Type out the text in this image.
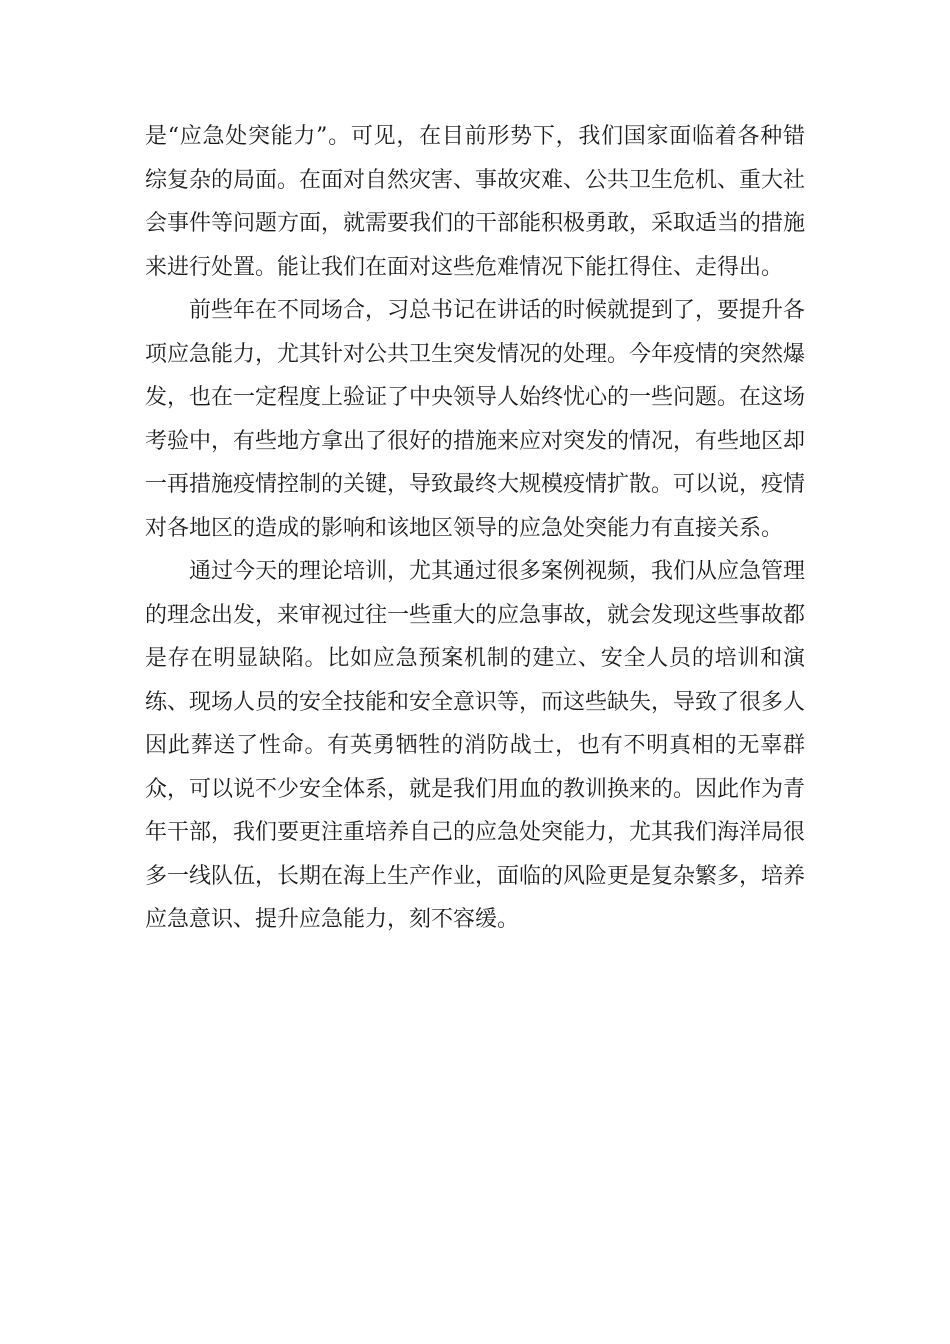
是“应急处突能力”。可见，在目前形势下，我们国家面临着各种错综复杂的局面。在面对自然灾害、事故灾难、公共卫生危机、重大社会事件等问题方面，就需要我们的干部能积极勇敢，采取适当的措施来进行处置。能让我们在面对这些危难情况下能扛得住、走得出。

前些年在不同场合，习总书记在讲话的时候就提到了，要提升各项应急能力，尤其针对公共卫生突发情况的处理。今年疫情的突然爆发，也在一定程度上验证了中央领导人始终忧心的一些问题。在这场考验中，有些地方拿出了很好的措施来应对突发的情况，有些地区却一再措施疫情控制的关键，导致最终大规模疫情扩散。可以说，疫情对各地区的造成的影响和该地区领导的应急处突能力有直接关系。

通过今天的理论培训，尤其通过很多案例视频，我们从应急管理的理念出发，来审视过往一些重大的应急事故，就会发现这些事故都是存在明显缺陷。比如应急预案机制的建立、安全人员的培训和演练、现场人员的安全技能和安全意识等，而这些缺失，导致了很多人因此葬送了性命。有英勇牺牲的消防战士，也有不明真相的无辜群众，可以说不少安全体系，就是我们用血的教训换来的。因此作为青年干部，我们要更注重培养自己的应急处突能力，尤其我们海洋局很多一线队伍，长期在海上生产作业，面临的风险更是复杂繁多，培养应急意识、提升应急能力，刻不容缓。
